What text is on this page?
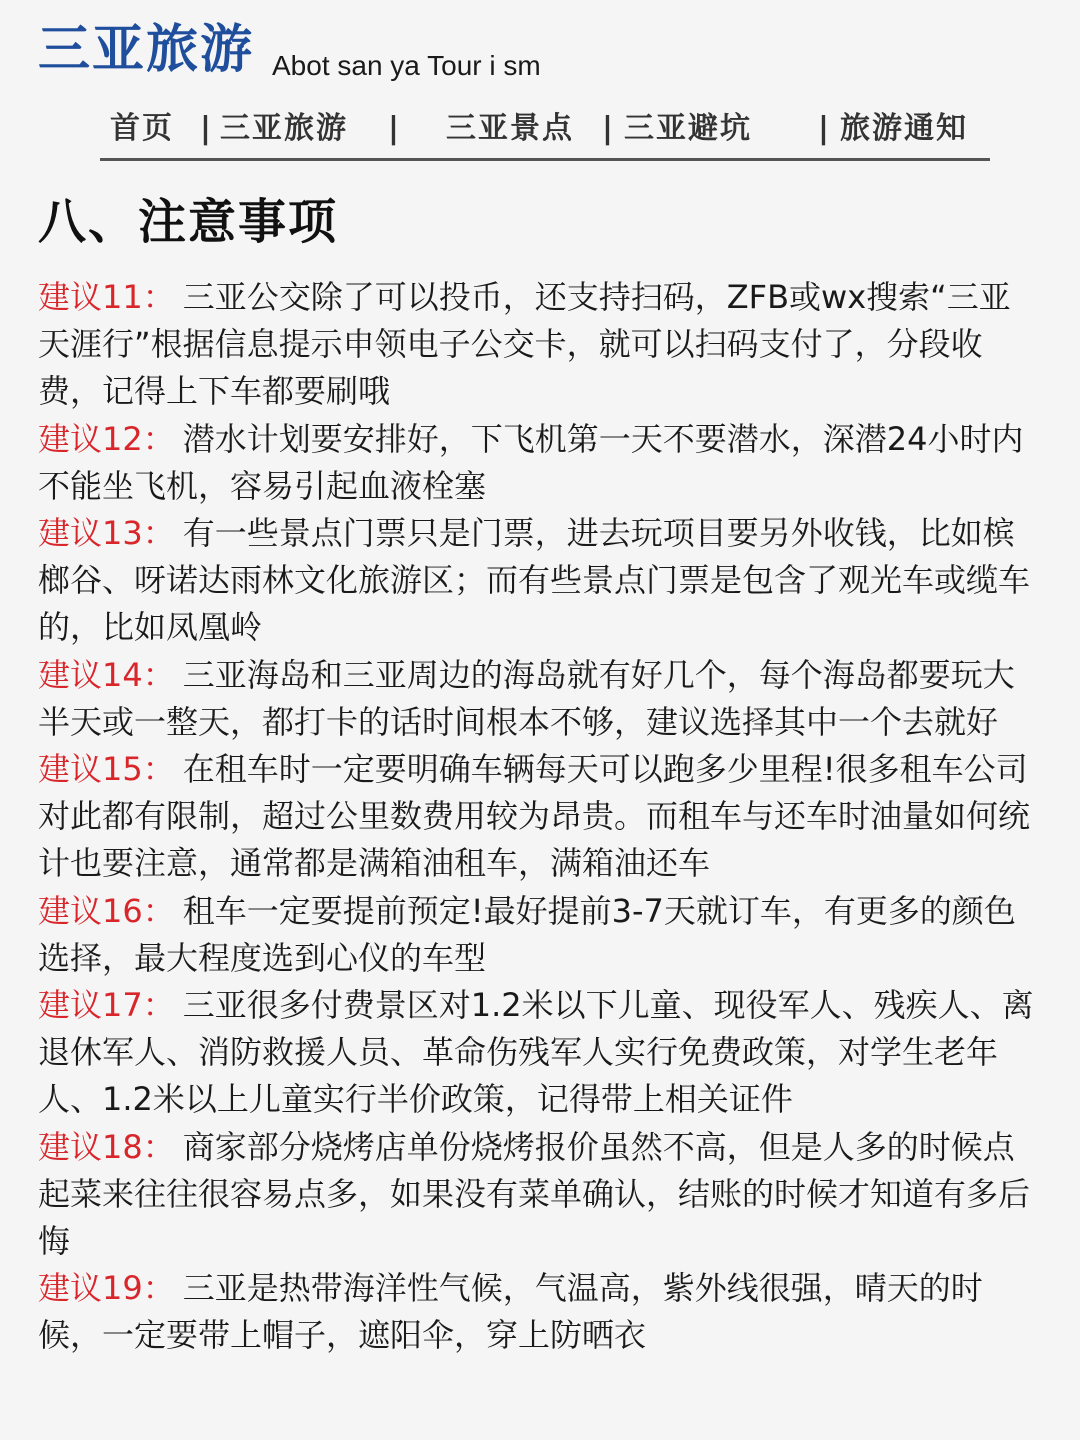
三亚旅游 Abot san ya Tour i sm
首页 | 三亚旅游 | 三亚景点 | 三亚避坑 | 旅游通知
八、注意事项

建议11： 三亚公交除了可以投币，还支持扫码，ZFB或wx搜索“三亚天涯行”根据信息提示申领电子公交卡，就可以扫码支付了，分段收费，记得上下车都要刷哦

建议12： 潜水计划要安排好，下飞机第一天不要潜水，深潜24小时内不能坐飞机，容易引起血液栓塞

建议13： 有一些景点门票只是门票，进去玩项目要另外收钱，比如槟榔谷、呀诺达雨林文化旅游区；而有些景点门票是包含了观光车或缆车的，比如凤凰岭

建议14： 三亚海岛和三亚周边的海岛就有好几个，每个海岛都要玩大半天或一整天，都打卡的话时间根本不够，建议选择其中一个去就好

建议15： 在租车时一定要明确车辆每天可以跑多少里程!很多租车公司对此都有限制，超过公里数费用较为昂贵。而租车与还车时油量如何统计也要注意，通常都是满箱油租车，满箱油还车

建议16： 租车一定要提前预定!最好提前3-7天就订车，有更多的颜色选择，最大程度选到心仪的车型

建议17： 三亚很多付费景区对1.2米以下儿童、现役军人、残疾人、离退休军人、消防救援人员、革命伤残军人实行免费政策，对学生老年人、1.2米以上儿童实行半价政策，记得带上相关证件

建议18： 商家部分烧烤店单份烧烤报价虽然不高，但是人多的时候点起菜来往往很容易点多，如果没有菜单确认，结账的时候才知道有多后悔

建议19： 三亚是热带海洋性气候，气温高，紫外线很强，晴天的时候，一定要带上帽子，遮阳伞，穿上防晒衣
